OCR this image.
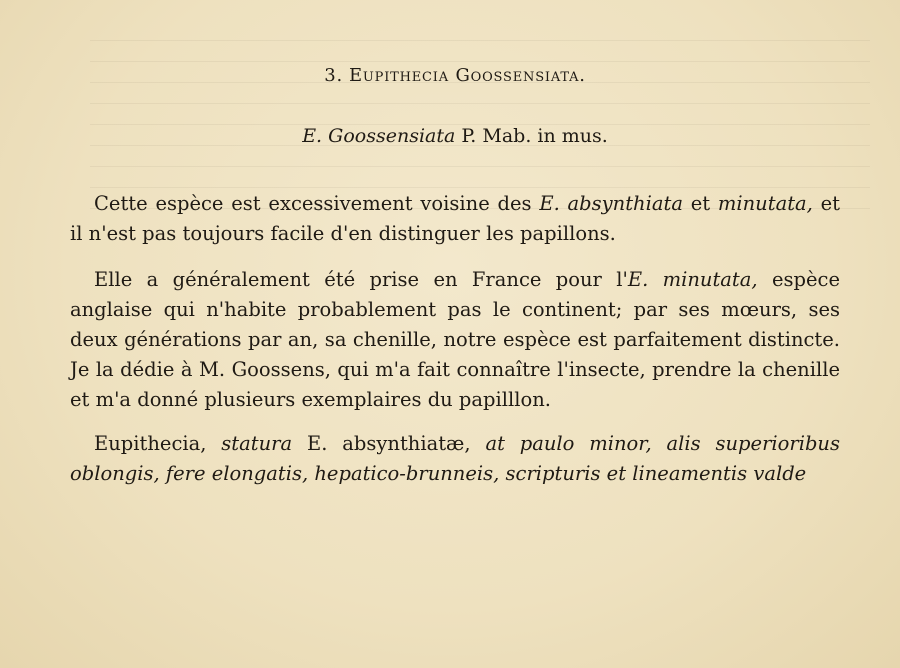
3. Eupithecia Goossensiata.
E. Goossensiata P. Mab. in mus.

Cette espèce est excessivement voisine des E. absynthiata et minutata, et il n'est pas toujours facile d'en distinguer les papillons.

Elle a généralement été prise en France pour l'E. minutata, espèce anglaise qui n'habite probablement pas le continent; par ses mœurs, ses deux générations par an, sa chenille, notre espèce est parfaitement distincte. Je la dédie à M. Goossens, qui m'a fait connaître l'insecte, prendre la chenille et m'a donné plusieurs exemplaires du papilllon.

Eupithecia, statura E. absynthiatæ, at paulo minor, alis superioribus oblongis, fere elongatis, hepatico-brunneis, scripturis et lineamentis valde
